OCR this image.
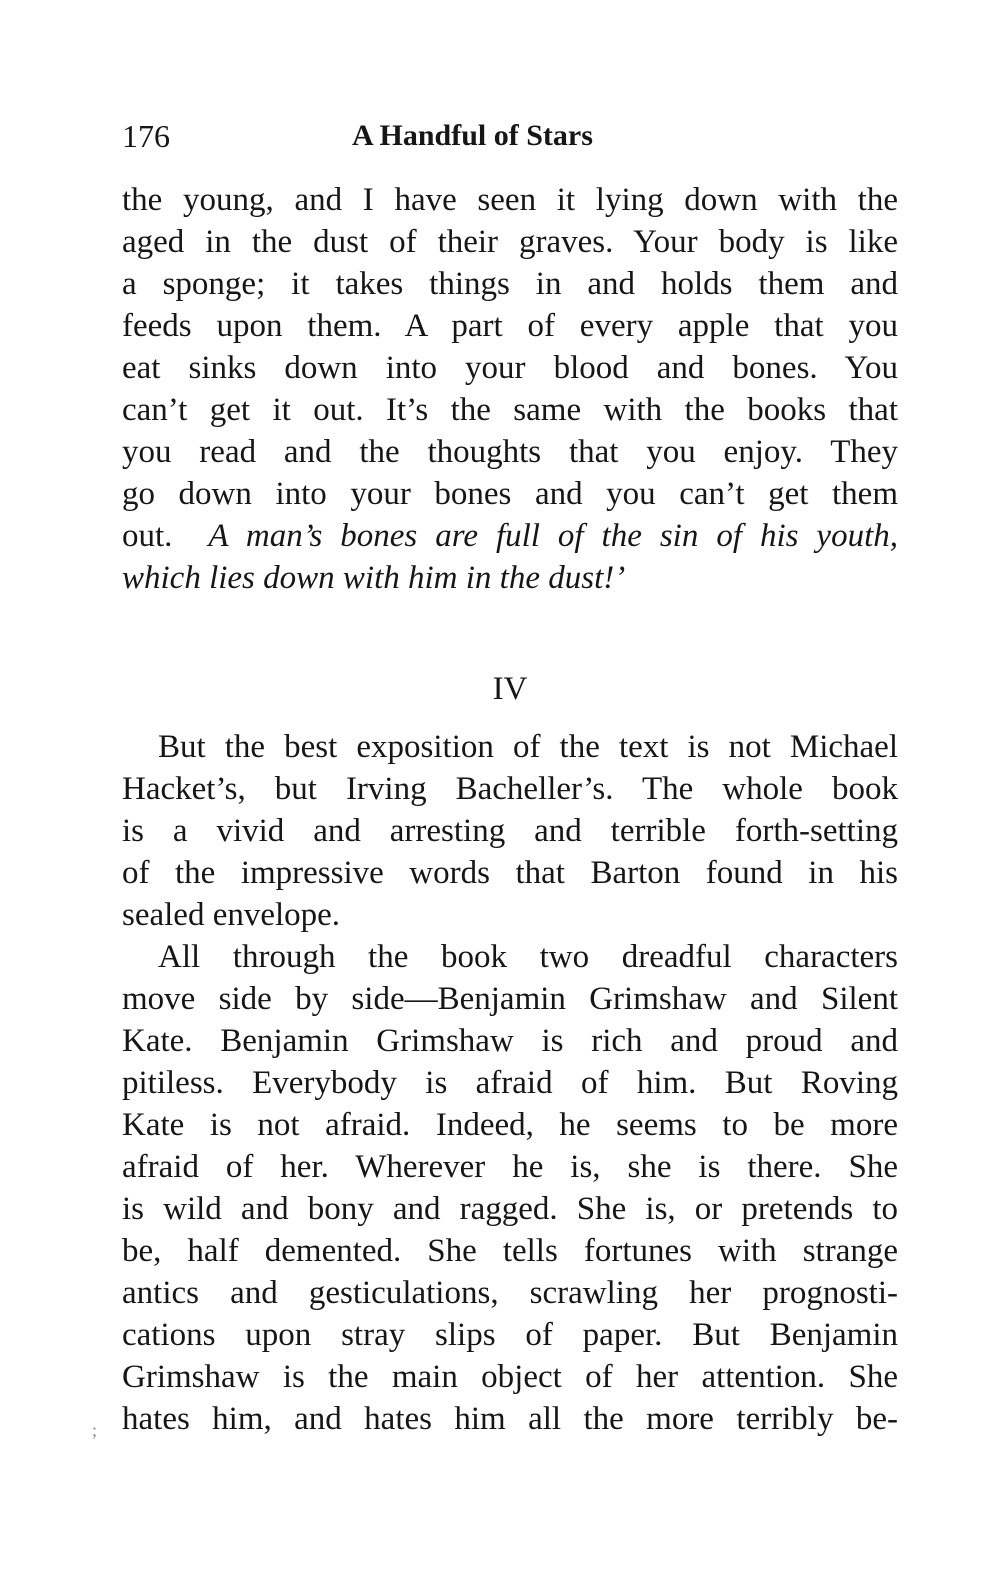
176	A Handful of Stars
the young, and I have seen it lying down with the
aged in the dust of their graves. Your body is like
a sponge; it takes things in and holds them and
feeds upon them. A part of every apple that you
eat sinks down into your blood and bones. You
can’t get it out. It’s the same with the books that
you read and the thoughts that you enjoy. They
go down into your bones and you can’t get them
out. A man’s bones are full of the sin of his youth,
which lies down with him in the dust!’
IV
But the best exposition of the text is not Michael
Hacket’s, but Irving Bacheller’s. The whole book
is a vivid and arresting and terrible forth-setting
of the impressive words that Barton found in his
sealed envelope.
All through the book two dreadful characters
move side by side—Benjamin Grimshaw and Silent
Kate. Benjamin Grimshaw is rich and proud and
pitiless. Everybody is afraid of him. But Roving
Kate is not afraid. Indeed, he seems to be more
afraid of her. Wherever he is, she is there. She
is wild and bony and ragged. She is, or pretends to
be, half demented. She tells fortunes with strange
antics and gesticulations, scrawling her prognosti-
cations upon stray slips of paper. But Benjamin
Grimshaw is the main object of her attention. She
hates him, and hates him all the more terribly be-
;
